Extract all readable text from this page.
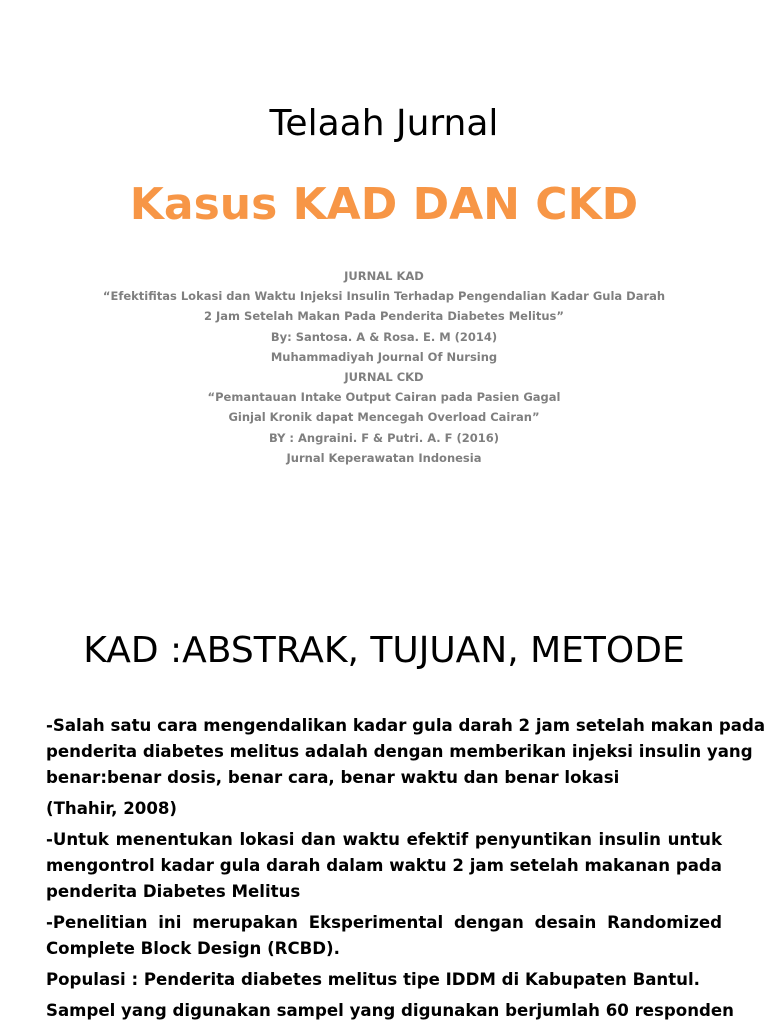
Telaah Jurnal
Kasus KAD DAN CKD
JURNAL KAD
“Efektifitas Lokasi dan Waktu Injeksi Insulin Terhadap Pengendalian Kadar Gula Darah
2 Jam Setelah Makan Pada Penderita Diabetes Melitus”
By: Santosa. A & Rosa. E. M (2014)
Muhammadiyah Journal Of Nursing
JURNAL CKD
“Pemantauan Intake Output Cairan pada Pasien Gagal
Ginjal Kronik dapat Mencegah Overload Cairan”
BY : Angraini. F & Putri. A. F (2016)
Jurnal Keperawatan Indonesia
KAD :ABSTRAK, TUJUAN, METODE

-Salah satu cara mengendalikan kadar gula darah 2 jam setelah makan pada
penderita diabetes melitus adalah dengan memberikan injeksi insulin yang
benar:benar dosis, benar cara, benar waktu dan benar lokasi

(Thahir, 2008)

-Untuk menentukan lokasi dan waktu efektif penyuntikan insulin untuk
mengontrol kadar gula darah dalam waktu 2 jam setelah makanan pada
penderita Diabetes Melitus

-Penelitian ini merupakan Eksperimental dengan desain Randomized
Complete Block Design (RCBD).

Populasi : Penderita diabetes melitus tipe IDDM di Kabupaten Bantul.

Sampel yang digunakan sampel yang digunakan berjumlah 60 responden
